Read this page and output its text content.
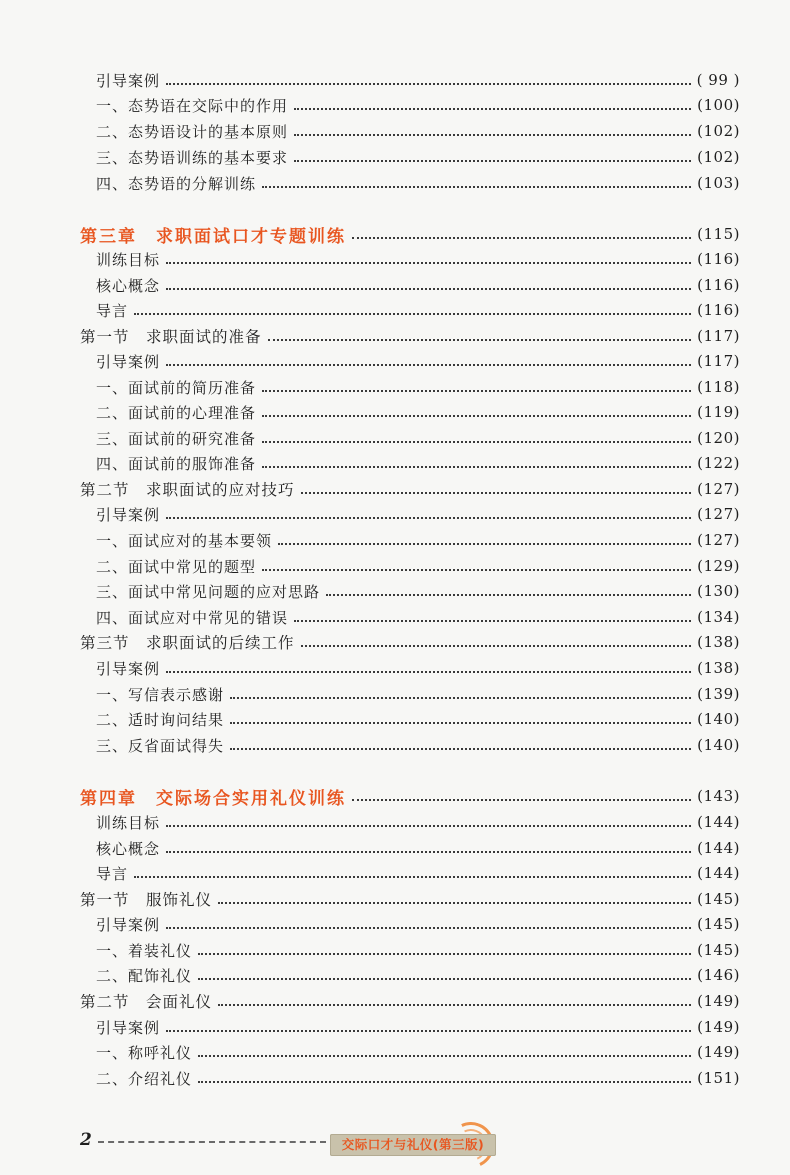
引导案例	( 99 )
一、态势语在交际中的作用	(100)
二、态势语设计的基本原则	(102)
三、态势语训练的基本要求	(102)
四、态势语的分解训练	(103)
第三章　求职面试口才专题训练	(115)
训练目标	(116)
核心概念	(116)
导言	(116)
第一节　求职面试的准备	(117)
引导案例	(117)
一、面试前的简历准备	(118)
二、面试前的心理准备	(119)
三、面试前的研究准备	(120)
四、面试前的服饰准备	(122)
第二节　求职面试的应对技巧	(127)
引导案例	(127)
一、面试应对的基本要领	(127)
二、面试中常见的题型	(129)
三、面试中常见问题的应对思路	(130)
四、面试应对中常见的错误	(134)
第三节　求职面试的后续工作	(138)
引导案例	(138)
一、写信表示感谢	(139)
二、适时询问结果	(140)
三、反省面试得失	(140)
第四章　交际场合实用礼仪训练	(143)
训练目标	(144)
核心概念	(144)
导言	(144)
第一节　服饰礼仪	(145)
引导案例	(145)
一、着装礼仪	(145)
二、配饰礼仪	(146)
第二节　会面礼仪	(149)
引导案例	(149)
一、称呼礼仪	(149)
二、介绍礼仪	(151)
2	交际口才与礼仪(第三版)
